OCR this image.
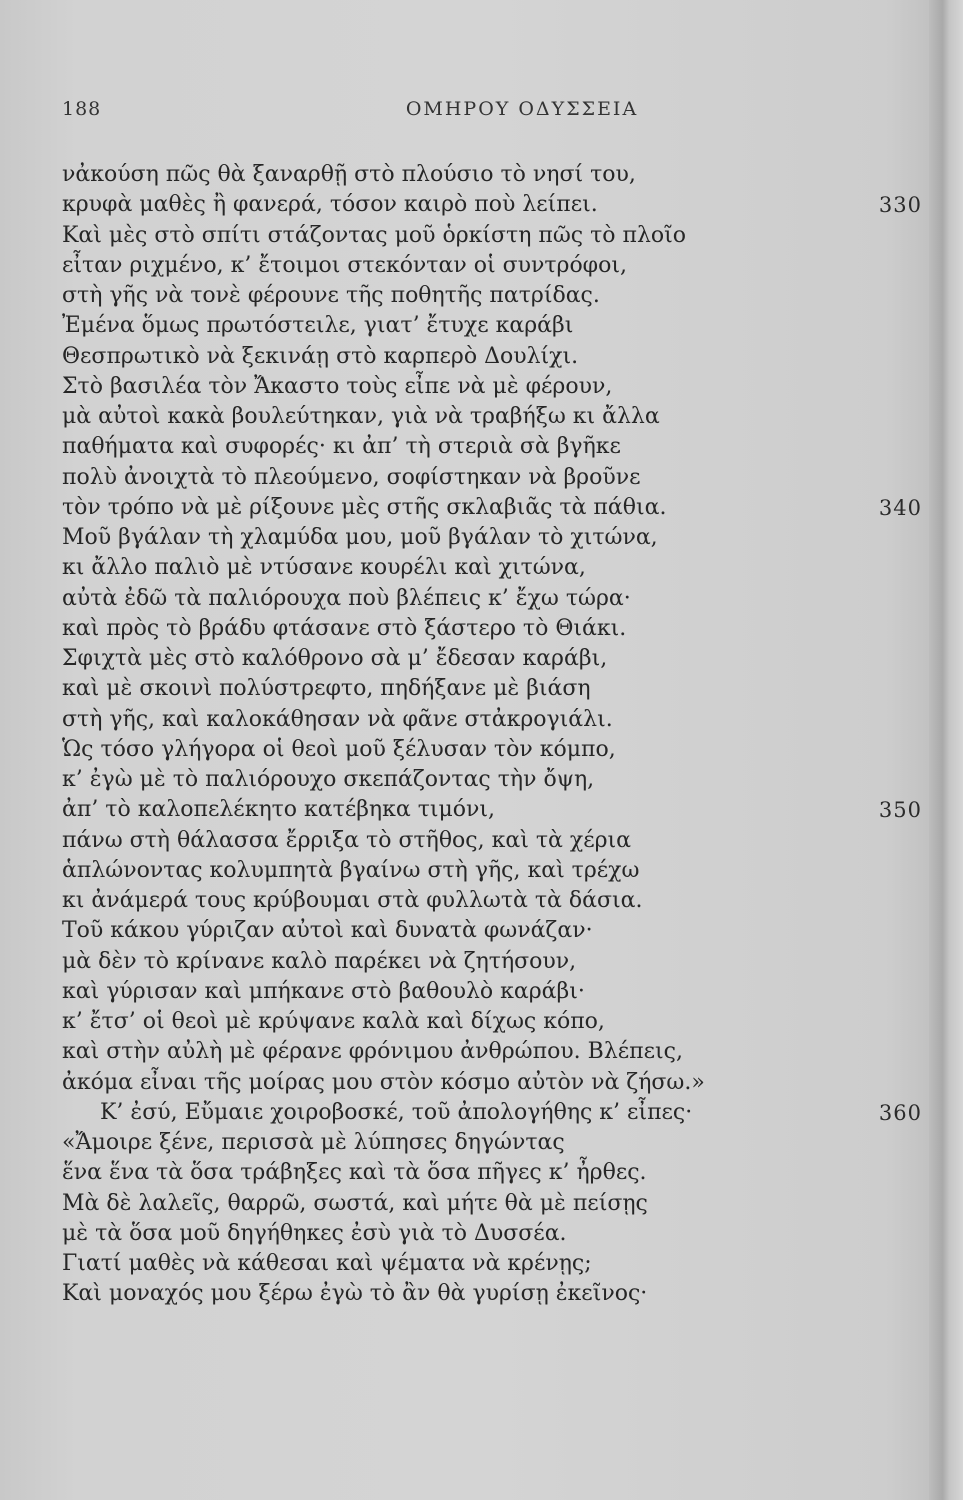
188	ΟΜΗΡΟΥ ΟΔΥΣΣΕΙΑ
νἀκούση πῶς θὰ ξαναρθῇ στὸ πλούσιο τὸ νησί του,
κρυφὰ μαθὲς ἢ φανερά, τόσον καιρὸ ποὺ λείπει.	330
Καὶ μὲς στὸ σπίτι στάζοντας μοῦ ὁρκίστη πῶς τὸ πλοῖο
εἶταν ριχμένο, κ’ ἔτοιμοι στεκόνταν οἱ συντρόφοι,
στὴ γῆς νὰ τονὲ φέρουνε τῆς ποθητῆς πατρίδας.
Ἐμένα ὅμως πρωτόστειλε, γιατ’ ἔτυχε καράβι
Θεσπρωτικὸ νὰ ξεκινάῃ στὸ καρπερὸ Δουλίχι.
Στὸ βασιλέα τὸν Ἄκαστο τοὺς εἶπε νὰ μὲ φέρουν,
μὰ αὐτοὶ κακὰ βουλεύτηκαν, γιὰ νὰ τραβήξω κι ἄλλα
παθήματα καὶ συφορές· κι ἀπ’ τὴ στεριὰ σὰ βγῆκε
πολὺ ἀνοιχτὰ τὸ πλεούμενο, σοφίστηκαν νὰ βροῦνε
τὸν τρόπο νὰ μὲ ρίξουνε μὲς στῆς σκλαβιᾶς τὰ πάθια.	340
Μοῦ βγάλαν τὴ χλαμύδα μου, μοῦ βγάλαν τὸ χιτώνα,
κι ἄλλο παλιὸ μὲ ντύσανε κουρέλι καὶ χιτώνα,
αὐτὰ ἐδῶ τὰ παλιόρουχα ποὺ βλέπεις κ’ ἔχω τώρα·
καὶ πρὸς τὸ βράδυ φτάσανε στὸ ξάστερο τὸ Θιάκι.
Σφιχτὰ μὲς στὸ καλόθρονο σὰ μ’ ἔδεσαν καράβι,
καὶ μὲ σκοινὶ πολύστρεφτο, πηδήξανε μὲ βιάση
στὴ γῆς, καὶ καλοκάθησαν νὰ φᾶνε στἀκρογιάλι.
Ὡς τόσο γλήγορα οἱ θεοὶ μοῦ ξέλυσαν τὸν κόμπο,
κ’ ἐγὼ μὲ τὸ παλιόρουχο σκεπάζοντας τὴν ὄψη,
ἀπ’ τὸ καλοπελέκητο κατέβηκα τιμόνι,	350
πάνω στὴ θάλασσα ἔρριξα τὸ στῆθος, καὶ τὰ χέρια
ἁπλώνοντας κολυμπητὰ βγαίνω στὴ γῆς, καὶ τρέχω
κι ἀνάμερά τους κρύβουμαι στὰ φυλλωτὰ τὰ δάσια.
Τοῦ κάκου γύριζαν αὐτοὶ καὶ δυνατὰ φωνάζαν·
μὰ δὲν τὸ κρίνανε καλὸ παρέκει νὰ ζητήσουν,
καὶ γύρισαν καὶ μπήκανε στὸ βαθουλὸ καράβι·
κ’ ἔτσ’ οἱ θεοὶ μὲ κρύψανε καλὰ καὶ δίχως κόπο,
καὶ στὴν αὐλὴ μὲ φέρανε φρόνιμου ἀνθρώπου. Βλέπεις,
ἀκόμα εἶναι τῆς μοίρας μου στὸν κόσμο αὐτὸν νὰ ζήσω.»
Κ’ ἐσύ, Εὔμαιε χοιροβοσκέ, τοῦ ἀπολογήθης κ’ εἶπες·	360
«Ἄμοιρε ξένε, περισσὰ μὲ λύπησες δηγώντας
ἕνα ἕνα τὰ ὅσα τράβηξες καὶ τὰ ὅσα πῆγες κ’ ἦρθες.
Μὰ δὲ λαλεῖς, θαρρῶ, σωστά, καὶ μήτε θὰ μὲ πείσῃς
μὲ τὰ ὅσα μοῦ δηγήθηκες ἐσὺ γιὰ τὸ Δυσσέα.
Γιατί μαθὲς νὰ κάθεσαι καὶ ψέματα νὰ κρένῃς;
Καὶ μοναχός μου ξέρω ἐγὼ τὸ ἂν θὰ γυρίσῃ ἐκεῖνος·
